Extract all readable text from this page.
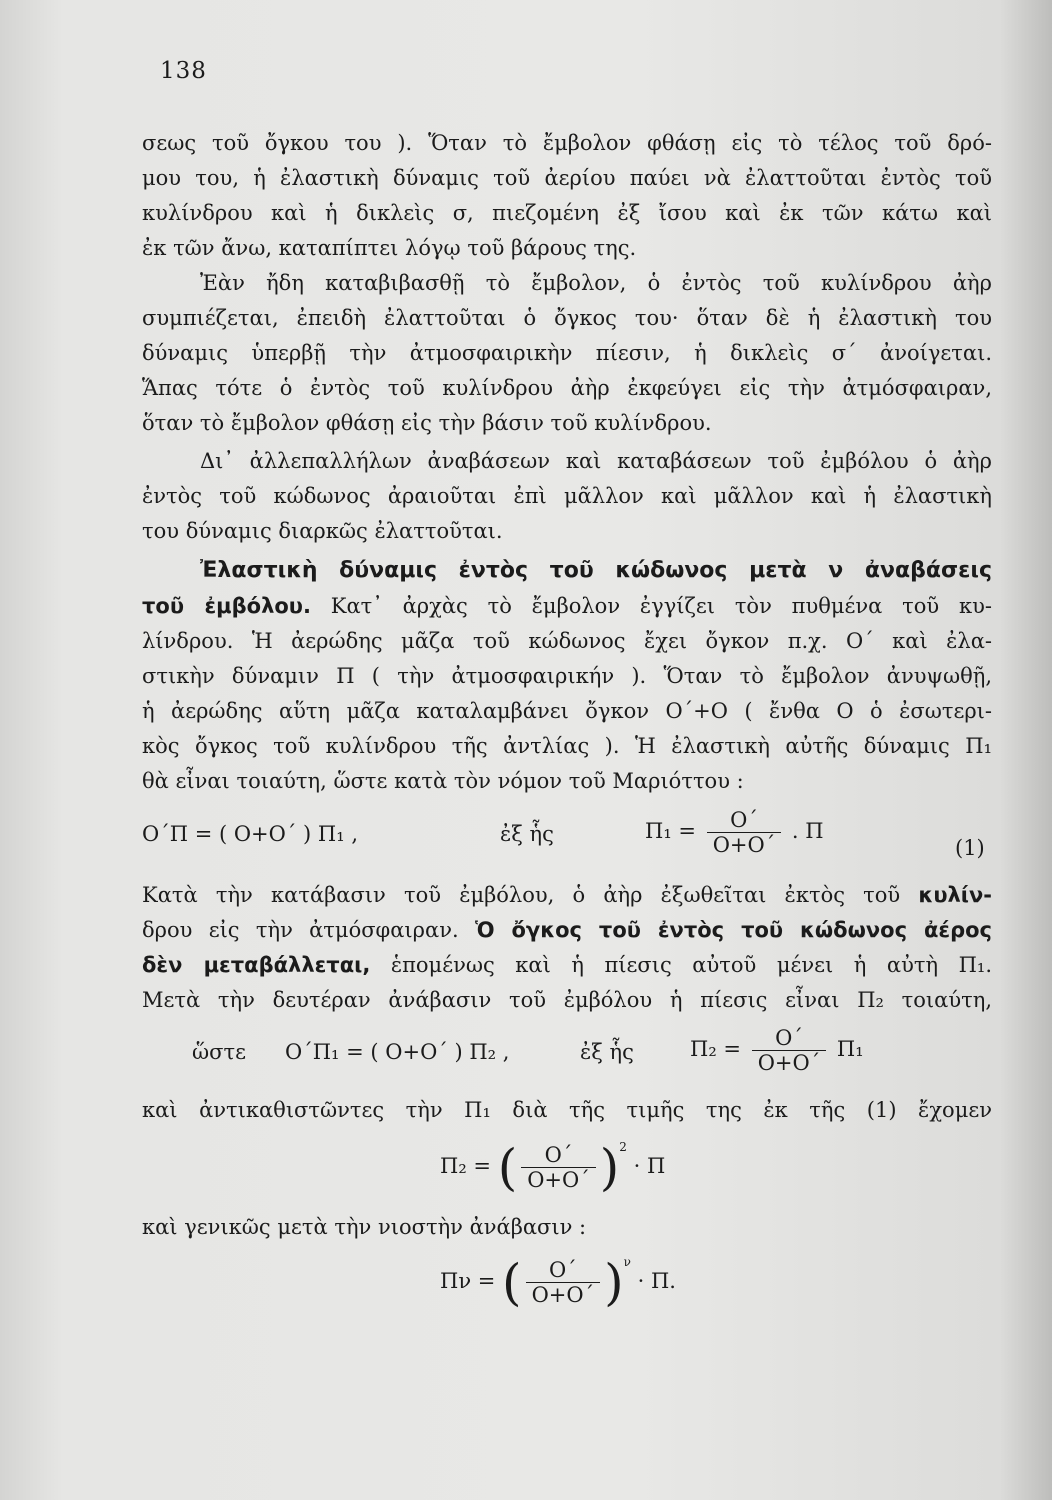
138
σεως τοῦ ὄγκου του ). Ὅταν τὸ ἔμβολον φθάσῃ εἰς τὸ τέλος τοῦ δρό-
μου του, ἡ ἐλαστικὴ δύναμις τοῦ ἀερίου παύει νὰ ἐλαττοῦται ἐντὸς τοῦ
κυλίνδρου καὶ ἡ δικλεὶς σ, πιεζομένη ἐξ ἴσου καὶ ἐκ τῶν κάτω καὶ
ἐκ τῶν ἄνω, καταπίπτει λόγῳ τοῦ βάρους της.
Ἐὰν ἤδη καταβιβασθῇ τὸ ἔμβολον, ὁ ἐντὸς τοῦ κυλίνδρου ἀὴρ
συμπιέζεται, ἐπειδὴ ἐλαττοῦται ὁ ὄγκος του· ὅταν δὲ ἡ ἐλαστικὴ του
δύναμις ὑπερβῇ τὴν ἀτμοσφαιρικὴν πίεσιν, ἡ δικλεὶς σ΄ ἀνοίγεται.
Ἅπας τότε ὁ ἐντὸς τοῦ κυλίνδρου ἀὴρ ἐκφεύγει εἰς τὴν ἀτμόσφαιραν,
ὅταν τὸ ἔμβολον φθάσῃ εἰς τὴν βάσιν τοῦ κυλίνδρου.
Δι᾽ ἀλλεπαλλήλων ἀναβάσεων καὶ καταβάσεων τοῦ ἐμβόλου ὁ ἀὴρ
ἐντὸς τοῦ κώδωνος ἀραιοῦται ἐπὶ μᾶλλον καὶ μᾶλλον καὶ ἡ ἐλαστικὴ
του δύναμις διαρκῶς ἐλαττοῦται.
Ἐλαστικὴ δύναμις ἐντὸς τοῦ κώδωνος μετὰ ν ἀναβάσεις
τοῦ ἐμβόλου. Κατ᾽ ἀρχὰς τὸ ἔμβολον ἐγγίζει τὸν πυθμένα τοῦ κυ-
λίνδρου. Ἡ ἀερώδης μᾶζα τοῦ κώδωνος ἔχει ὄγκον π.χ. Ο΄ καὶ ἐλα-
στικὴν δύναμιν Π ( τὴν ἀτμοσφαιρικήν ). Ὅταν τὸ ἔμβολον ἀνυψωθῇ,
ἡ ἀερώδης αὕτη μᾶζα καταλαμβάνει ὄγκον Ο΄+Ο ( ἔνθα Ο ὁ ἐσωτερι-
κὸς ὄγκος τοῦ κυλίνδρου τῆς ἀντλίας ). Ἡ ἐλαστικὴ αὐτῆς δύναμις Π₁
θὰ εἶναι τοιαύτη, ὥστε κατὰ τὸν νόμον τοῦ Μαριόττου :
Ο΄Π = ( Ο+Ο΄ ) Π₁ ,	ἐξ ἧς	$\Pi_1 = \frac{O΄}{O+O΄}$ . Π
(1)
Κατὰ τὴν κατάβασιν τοῦ ἐμβόλου, ὁ ἀὴρ ἐξωθεῖται ἐκτὸς τοῦ κυλίν-
δρου εἰς τὴν ἀτμόσφαιραν. Ὁ ὄγκος τοῦ ἐντὸς τοῦ κώδωνος ἀέρος
δὲν μεταβάλλεται, ἑπομένως καὶ ἡ πίεσις αὐτοῦ μένει ἡ αὐτὴ Π₁.
Μετὰ τὴν δευτέραν ἀνάβασιν τοῦ ἐμβόλου ἡ πίεσις εἶναι Π₂ τοιαύτη,
ὥστε Ο΄Π₁ = ( Ο+Ο΄ ) Π₂ ,	ἐξ ἧς	$\Pi_2 = \frac{O΄}{O+O΄} \Pi_1$
καὶ ἀντικαθιστῶντες τὴν Π₁ διὰ τῆς τιμῆς της ἐκ τῆς (1) ἔχομεν
Π₂ = ( $\frac{O΄}{O+O΄} )^2 \cdot \Pi$
καὶ γενικῶς μετὰ τὴν νιοστὴν ἀνάβασιν :
Πν = ( $\frac{O΄}{O+O΄} )^\nu \cdot \Pi$.
